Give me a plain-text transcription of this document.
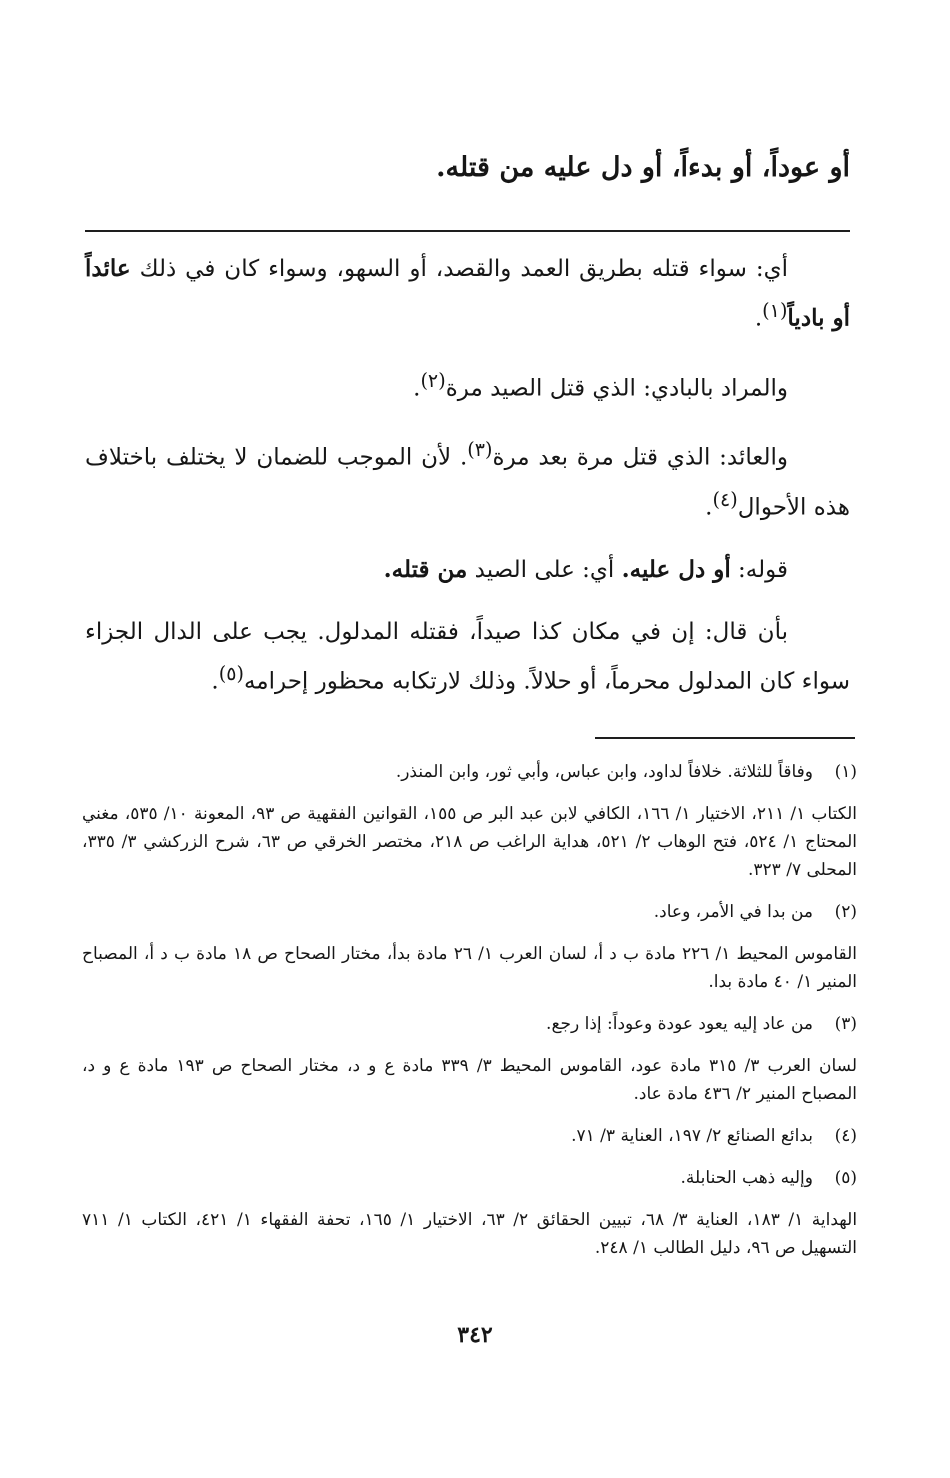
أو عوداً، أو بدءاً، أو دل عليه من قتله.

أي: سواء قتله بطريق العمد والقصد، أو السهو، وسواء كان في ذلك عائداً أو بادياً$^{(١)}$.

والمراد بالبادي: الذي قتل الصيد مرة$^{(٢)}$.

والعائد: الذي قتل مرة بعد مرة$^{(٣)}$. لأن الموجب للضمان لا يختلف باختلاف هذه الأحوال$^{(٤)}$.

قوله: أو دل عليه. أي: على الصيد من قتله.

بأن قال: إن في مكان كذا صيداً، فقتله المدلول. يجب على الدال الجزاء سواء كان المدلول محرماً، أو حلالاً. وذلك لارتكابه محظور إحرامه$^{(٥)}$.

(١)
وفاقاً للثلاثة. خلافاً لداود، وابن عباس، وأبي ثور، وابن المنذر.
الكتاب ١/ ٢١١، الاختيار ١/ ١٦٦، الكافي لابن عبد البر ص ١٥٥، القوانين الفقهية ص ٩٣، المعونة ١٠/ ٥٣٥، مغني المحتاج ١/ ٥٢٤، فتح الوهاب ٢/ ٥٢١، هداية الراغب ص ٢١٨، مختصر الخرقي ص ٦٣، شرح الزركشي ٣/ ٣٣٥، المحلى ٧/ ٣٢٣.
(٢)
من بدا في الأمر، وعاد.
القاموس المحيط ١/ ٢٢٦ مادة ب د أ، لسان العرب ١/ ٢٦ مادة بدأ، مختار الصحاح ص ١٨ مادة ب د أ، المصباح المنير ١/ ٤٠ مادة بدا.
(٣)
من عاد إليه يعود عودة وعوداً: إذا رجع.
لسان العرب ٣/ ٣١٥ مادة عود، القاموس المحيط ٣/ ٣٣٩ مادة ع و د، مختار الصحاح ص ١٩٣ مادة ع و د، المصباح المنير ٢/ ٤٣٦ مادة عاد.
(٤)
بدائع الصنائع ٢/ ١٩٧، العناية ٣/ ٧١.
(٥)
وإليه ذهب الحنابلة.
الهداية ١/ ١٨٣، العناية ٣/ ٦٨، تبيين الحقائق ٢/ ٦٣، الاختيار ١/ ١٦٥، تحفة الفقهاء ١/ ٤٢١، الكتاب ١/ ٧١١ التسهيل ص ٩٦، دليل الطالب ١/ ٢٤٨.
٣٤٢
